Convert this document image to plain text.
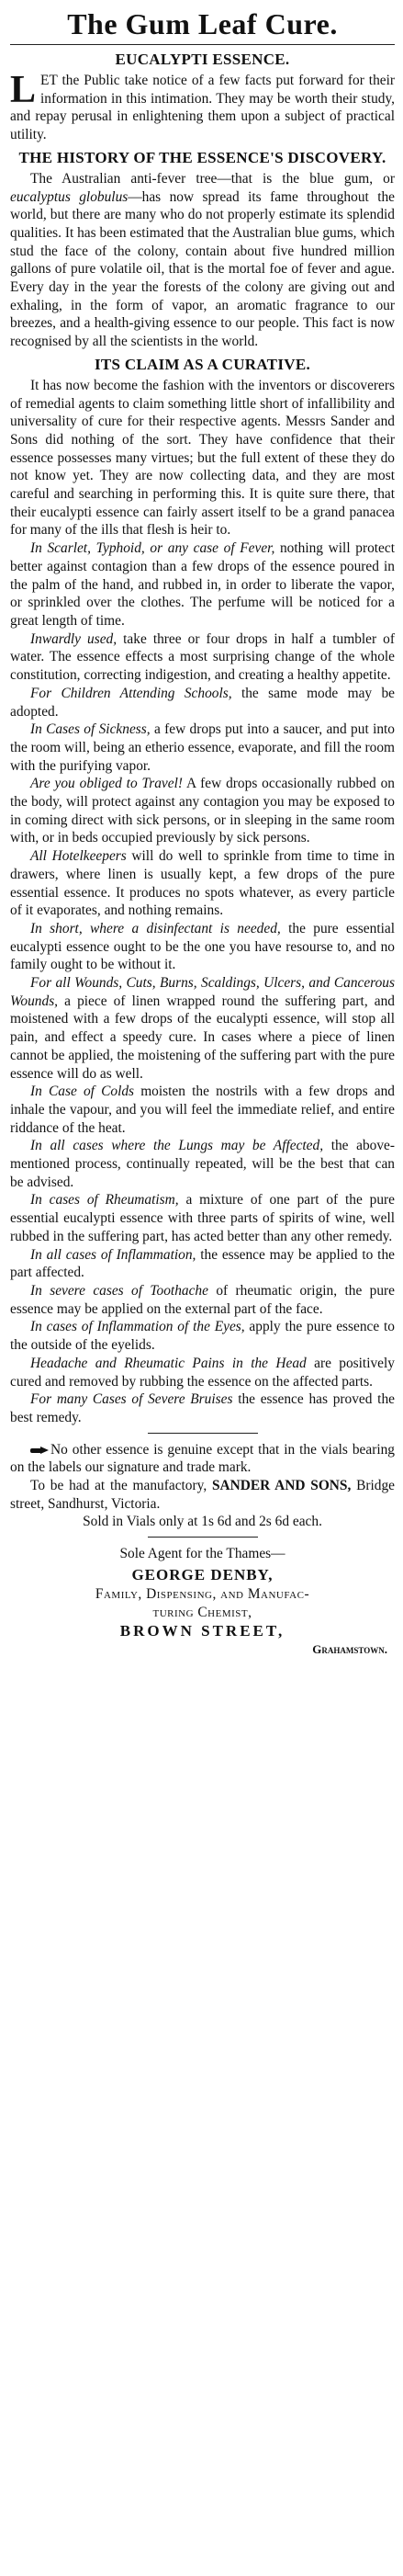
The Gum Leaf Cure.
EUCALYPTI ESSENCE.

LET the Public take notice of a few facts put forward for their information in this intimation. They may be worth their study, and repay perusal in enlightening them upon a subject of practical utility.

THE HISTORY OF THE ESSENCE'S DISCOVERY.

The Australian anti-fever tree—that is the blue gum, or eucalyptus globulus—has now spread its fame throughout the world, but there are many who do not properly estimate its splendid qualities. It has been estimated that the Australian blue gums, which stud the face of the colony, contain about five hundred million gallons of pure volatile oil, that is the mortal foe of fever and ague. Every day in the year the forests of the colony are giving out and exhaling, in the form of vapor, an aromatic fragrance to our breezes, and a health-giving essence to our people. This fact is now recognised by all the scientists in the world.

ITS CLAIM AS A CURATIVE.

It has now become the fashion with the inventors or discoverers of remedial agents to claim something little short of infallibility and universality of cure for their respective agents. Messrs Sander and Sons did nothing of the sort. They have confidence that their essence possesses many virtues; but the full extent of these they do not know yet. They are now collecting data, and they are most careful and searching in performing this. It is quite sure there, that their eucalypti essence can fairly assert itself to be a grand panacea for many of the ills that flesh is heir to.

In Scarlet, Typhoid, or any case of Fever, nothing will protect better against contagion than a few drops of the essence poured in the palm of the hand, and rubbed in, in order to liberate the vapor, or sprinkled over the clothes. The perfume will be noticed for a great length of time.

Inwardly used, take three or four drops in half a tumbler of water. The essence effects a most surprising change of the whole constitution, correcting indigestion, and creating a healthy appetite.

For Children Attending Schools, the same mode may be adopted.

In Cases of Sickness, a few drops put into a saucer, and put into the room will, being an etherio essence, evaporate, and fill the room with the purifying vapor.

Are you obliged to Travel! A few drops occasionally rubbed on the body, will protect against any contagion you may be exposed to in coming direct with sick persons, or in sleeping in the same room with, or in beds occupied previously by sick persons.

All Hotelkeepers will do well to sprinkle from time to time in drawers, where linen is usually kept, a few drops of the pure essential essence. It produces no spots whatever, as every particle of it evaporates, and nothing remains.

In short, where a disinfectant is needed, the pure essential eucalypti essence ought to be the one you have resourse to, and no family ought to be without it.

For all Wounds, Cuts, Burns, Scaldings, Ulcers, and Cancerous Wounds, a piece of linen wrapped round the suffering part, and moistened with a few drops of the eucalypti essence, will stop all pain, and effect a speedy cure. In cases where a piece of linen cannot be applied, the moistening of the suffering part with the pure essence will do as well.

In Case of Colds moisten the nostrils with a few drops and inhale the vapour, and you will feel the immediate relief, and entire riddance of the heat.

In all cases where the Lungs may be Affected, the above-mentioned process, continually repeated, will be the best that can be advised.

In cases of Rheumatism, a mixture of one part of the pure essential eucalypti essence with three parts of spirits of wine, well rubbed in the suffering part, has acted better than any other remedy.

In all cases of Inflammation, the essence may be applied to the part affected.

In severe cases of Toothache of rheumatic origin, the pure essence may be applied on the external part of the face.

In cases of Inflammation of the Eyes, apply the pure essence to the outside of the eyelids.

Headache and Rheumatic Pains in the Head are positively cured and removed by rubbing the essence on the affected parts.

For many Cases of Severe Bruises the essence has proved the best remedy.

No other essence is genuine except that in the vials bearing on the labels our signature and trade mark.

To be had at the manufactory, SANDER AND SONS, Bridge street, Sandhurst, Victoria.

Sold in Vials only at 1s 6d and 2s 6d each.
Sole Agent for the Thames—
GEORGE DENBY,
Family, Dispensing, and Manufac-
turing Chemist,
BROWN STREET,
Grahamstown.
